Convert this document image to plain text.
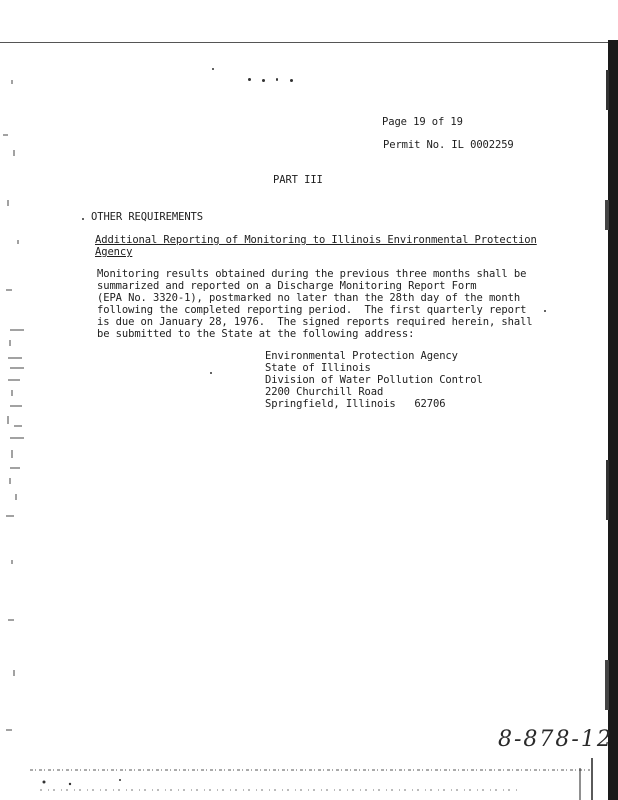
Page 19 of 19
Permit No. IL 0002259
PART III
OTHER REQUIREMENTS
Additional Reporting of Monitoring to Illinois Environmental Protection
Agency
Monitoring results obtained during the previous three months shall be
summarized and reported on a Discharge Monitoring Report Form
(EPA No. 3320-1), postmarked no later than the 28th day of the month
following the completed reporting period.  The first quarterly report
is due on January 28, 1976.  The signed reports required herein, shall
be submitted to the State at the following address:
Environmental Protection Agency
State of Illinois
Division of Water Pollution Control
2200 Churchill Road
Springfield, Illinois   62706
8-878-12
